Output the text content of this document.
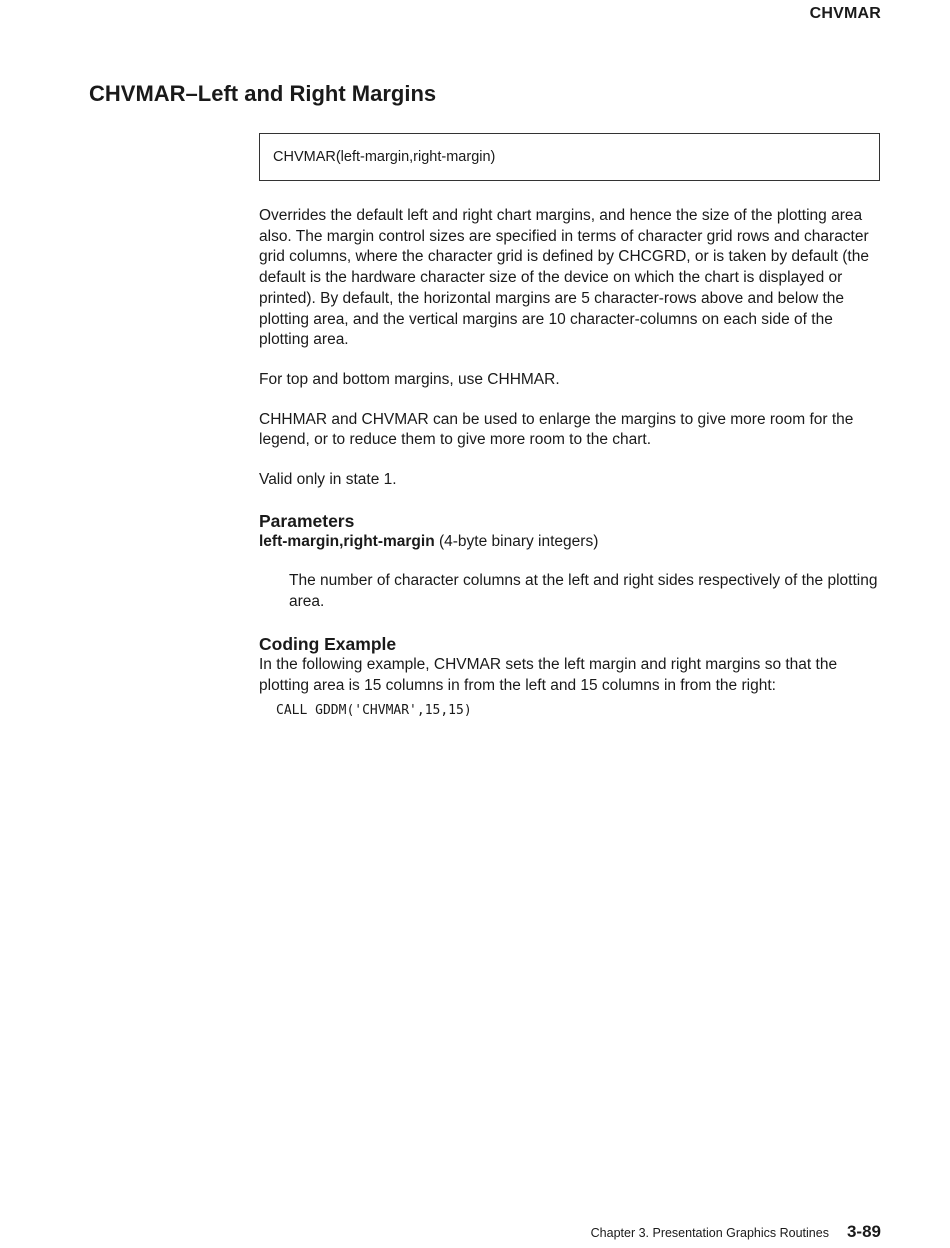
CHVMAR
CHVMAR–Left and Right Margins
CHVMAR(left-margin,right-margin)

Overrides the default left and right chart margins, and hence the size of the plotting area also. The margin control sizes are specified in terms of character grid rows and character grid columns, where the character grid is defined by CHCGRD, or is taken by default (the default is the hardware character size of the device on which the chart is displayed or printed). By default, the horizontal margins are 5 character-rows above and below the plotting area, and the vertical margins are 10 character-columns on each side of the plotting area.

For top and bottom margins, use CHHMAR.

CHHMAR and CHVMAR can be used to enlarge the margins to give more room for the legend, or to reduce them to give more room to the chart.

Valid only in state 1.

Parameters

left-margin,right-margin (4-byte binary integers)

The number of character columns at the left and right sides respectively of the plotting area.

Coding Example

In the following example, CHVMAR sets the left margin and right margins so that the plotting area is 15 columns in from the left and 15 columns in from the right:

CALL GDDM('CHVMAR',15,15)
Chapter 3. Presentation Graphics Routines 3-89
